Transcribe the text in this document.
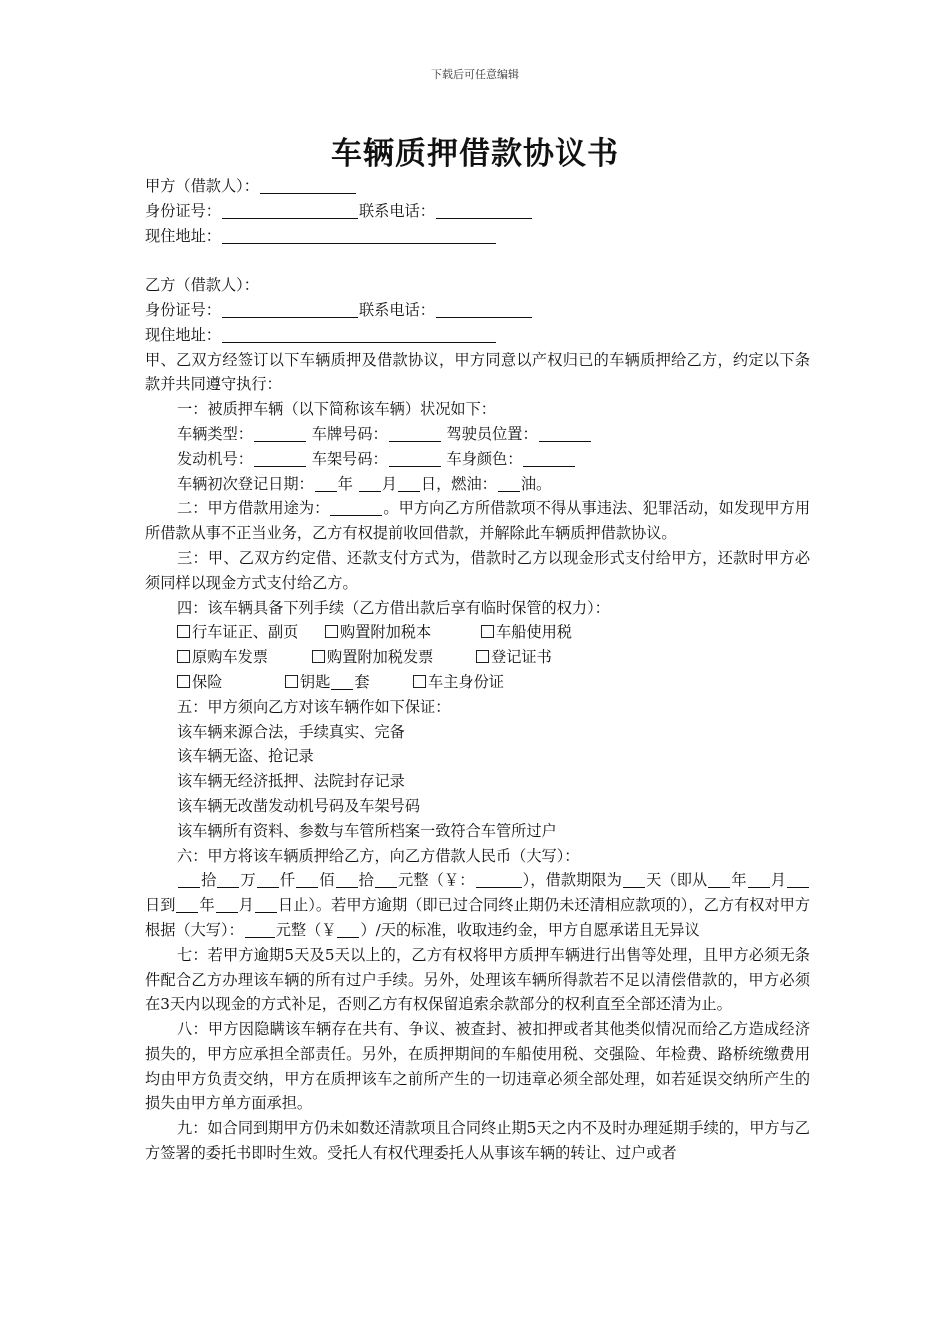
下载后可任意编辑
车辆质押借款协议书
甲方（借款人）：
身份证号：	联系电话：
现住地址：
乙方（借款人）：
身份证号：	联系电话：
现住地址：
甲、乙双方经签订以下车辆质押及借款协议，甲方同意以产权归已的车辆质押给乙方，约定以下条款并共同遵守执行：
一：被质押车辆（以下简称该车辆）状况如下：
车辆类型：	车牌号码：	驾驶员位置：
发动机号：	车架号码：	车身颜色：
车辆初次登记日期： 年 月 日，燃油： 油。
二：甲方借款用途为：	。甲方向乙方所借款项不得从事违法、犯罪活动，如发现甲方用所借款从事不正当业务，乙方有权提前收回借款，并解除此车辆质押借款协议。
三：甲、乙双方约定借、还款支付方式为，借款时乙方以现金形式支付给甲方，还款时甲方必须同样以现金方式支付给乙方。
四：该车辆具备下列手续（乙方借出款后享有临时保管的权力）：
行车证正、副页	购置附加税本	车船使用税
原购车发票	购置附加税发票	登记证书
保险	钥匙 套	车主身份证
五：甲方须向乙方对该车辆作如下保证：
该车辆来源合法，手续真实、完备
该车辆无盗、抢记录
该车辆无经济抵押、法院封存记录
该车辆无改凿发动机号码及车架号码
该车辆所有资料、参数与车管所档案一致符合车管所过户
六：甲方将该车辆质押给乙方，向乙方借款人民币（大写）：
拾 万 仟 佰 拾 元整（￥：	），借款期限为 天（即从 年 月日到 年 月 日止）。若甲方逾期（即已过合同终止期仍未还清相应款项的），乙方有权对甲方根据（大写）： 元整（￥ ）/天的标准，收取违约金，甲方自愿承诺且无异议
七：若甲方逾期5天及5天以上的，乙方有权将甲方质押车辆进行出售等处理，且甲方必须无条件配合乙方办理该车辆的所有过户手续。另外，处理该车辆所得款若不足以清偿借款的，甲方必须在3天内以现金的方式补足，否则乙方有权保留追索余款部分的权利直至全部还清为止。
八：甲方因隐瞒该车辆存在共有、争议、被查封、被扣押或者其他类似情况而给乙方造成经济损失的，甲方应承担全部责任。另外，在质押期间的车船使用税、交强险、年检费、路桥统缴费用均由甲方负责交纳，甲方在质押该车之前所产生的一切违章必须全部处理，如若延误交纳所产生的损失由甲方单方面承担。
九：如合同到期甲方仍未如数还清款项且合同终止期5天之内不及时办理延期手续的，甲方与乙方签署的委托书即时生效。受托人有权代理委托人从事该车辆的转让、过户或者
